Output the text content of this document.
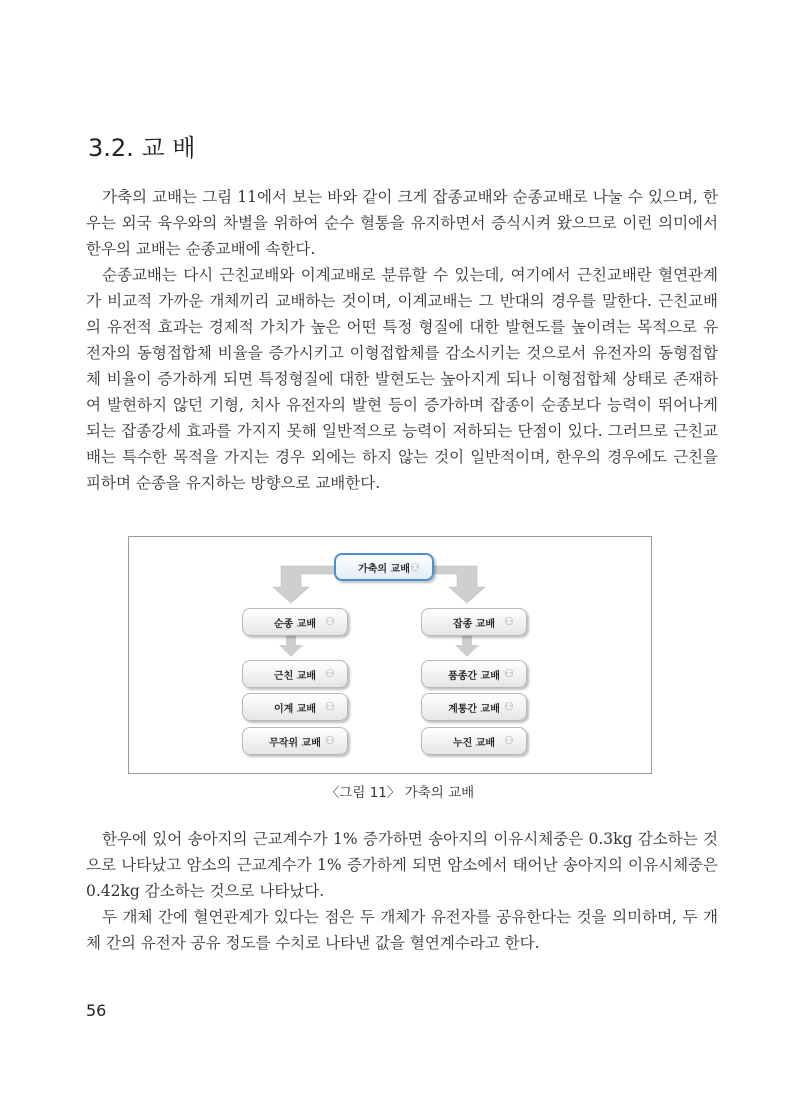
3.2. 교 배

가축의 교배는 그림 11에서 보는 바와 같이 크게 잡종교배와 순종교배로 나눌 수 있으며, 한우는 외국 육우와의 차별을 위하여 순수 혈통을 유지하면서 증식시켜 왔으므로 이런 의미에서 한우의 교배는 순종교배에 속한다.

순종교배는 다시 근친교배와 이계교배로 분류할 수 있는데, 여기에서 근친교배란 혈연관계가 비교적 가까운 개체끼리 교배하는 것이며, 이계교배는 그 반대의 경우를 말한다. 근친교배의 유전적 효과는 경제적 가치가 높은 어떤 특정 형질에 대한 발현도를 높이려는 목적으로 유전자의 동형접합체 비율을 증가시키고 이형접합체를 감소시키는 것으로서 유전자의 동형접합체 비율이 증가하게 되면 특정형질에 대한 발현도는 높아지게 되나 이형접합체 상태로 존재하여 발현하지 않던 기형, 치사 유전자의 발현 등이 증가하며 잡종이 순종보다 능력이 뛰어나게 되는 잡종강세 효과를 가지지 못해 일반적으로 능력이 저하되는 단점이 있다. 그러므로 근친교배는 특수한 목적을 가지는 경우 외에는 하지 않는 것이 일반적이며, 한우의 경우에도 근친을 피하며 순종을 유지하는 방향으로 교배한다.

가축의 교배 ⚇
순종 교배 ⚇	잡종 교배 ⚇
근친 교배 ⚇
이계 교배 ⚇
무작위 교배 ⚇
품종간 교배 ⚇
계통간 교배 ⚇
누진 교배 ⚇
〈그림 11〉 가축의 교배

한우에 있어 송아지의 근교계수가 1% 증가하면 송아지의 이유시체중은 0.3kg 감소하는 것으로 나타났고 암소의 근교계수가 1% 증가하게 되면 암소에서 태어난 송아지의 이유시체중은 0.42kg 감소하는 것으로 나타났다.

두 개체 간에 혈연관계가 있다는 점은 두 개체가 유전자를 공유한다는 것을 의미하며, 두 개체 간의 유전자 공유 정도를 수치로 나타낸 값을 혈연계수라고 한다.

56
